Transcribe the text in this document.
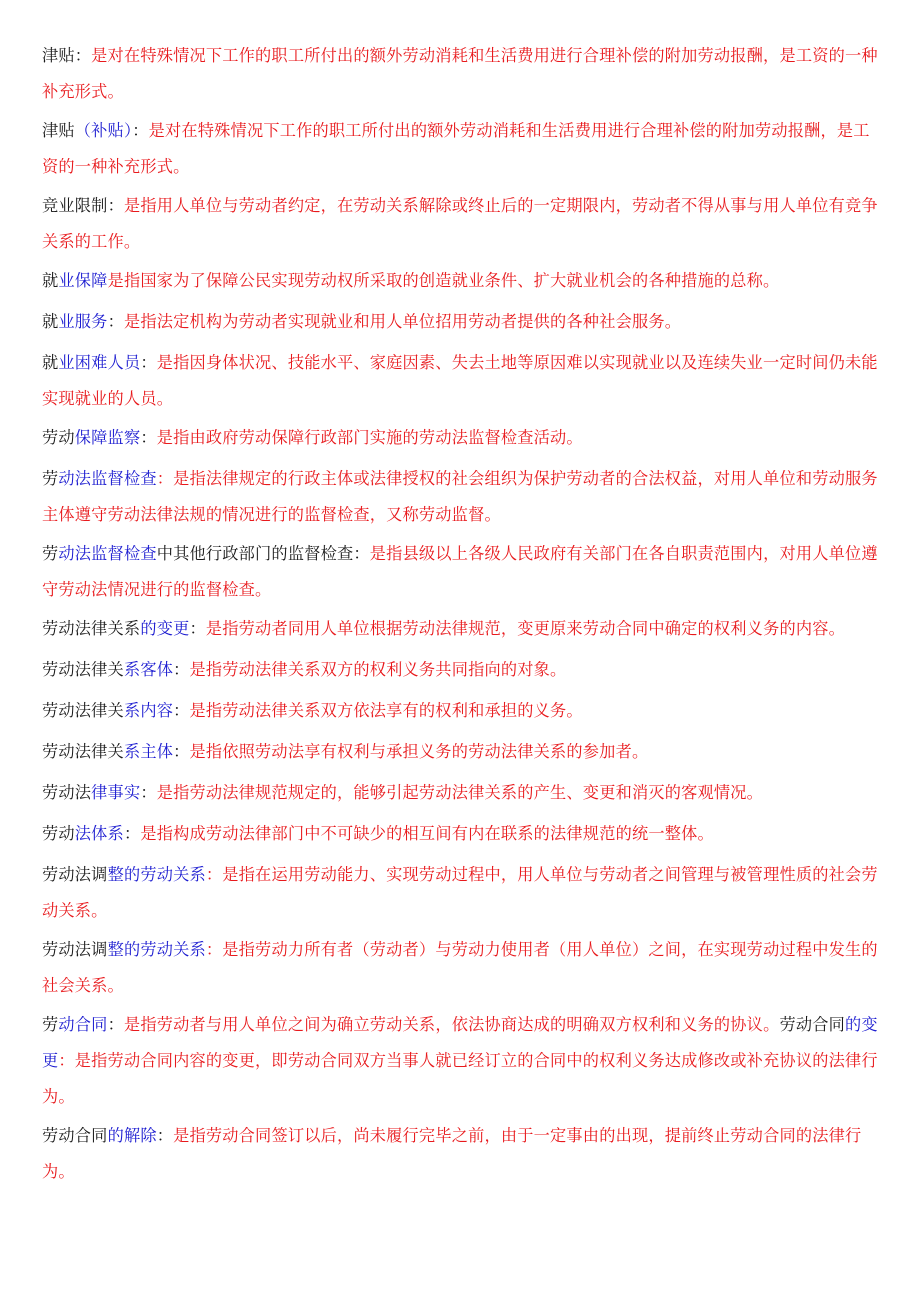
津贴：是对在特殊情况下工作的职工所付出的额外劳动消耗和生活费用进行合理补偿的附加劳动报酬，是工资的一种补充形式。

津贴（补贴）：是对在特殊情况下工作的职工所付出的额外劳动消耗和生活费用进行合理补偿的附加劳动报酬，是工资的一种补充形式。

竞业限制：是指用人单位与劳动者约定，在劳动关系解除或终止后的一定期限内，劳动者不得从事与用人单位有竞争关系的工作。

就业保障是指国家为了保障公民实现劳动权所采取的创造就业条件、扩大就业机会的各种措施的总称。

就业服务：是指法定机构为劳动者实现就业和用人单位招用劳动者提供的各种社会服务。

就业困难人员：是指因身体状况、技能水平、家庭因素、失去土地等原因难以实现就业以及连续失业一定时间仍未能实现就业的人员。

劳动保障监察：是指由政府劳动保障行政部门实施的劳动法监督检查活动。

劳动法监督检查：是指法律规定的行政主体或法律授权的社会组织为保护劳动者的合法权益，对用人单位和劳动服务主体遵守劳动法律法规的情况进行的监督检查，又称劳动监督。

劳动法监督检查中其他行政部门的监督检查：是指县级以上各级人民政府有关部门在各自职责范围内，对用人单位遵守劳动法情况进行的监督检查。

劳动法律关系的变更：是指劳动者同用人单位根据劳动法律规范，变更原来劳动合同中确定的权利义务的内容。

劳动法律关系客体：是指劳动法律关系双方的权利义务共同指向的对象。

劳动法律关系内容：是指劳动法律关系双方依法享有的权利和承担的义务。

劳动法律关系主体：是指依照劳动法享有权利与承担义务的劳动法律关系的参加者。

劳动法律事实：是指劳动法律规范规定的，能够引起劳动法律关系的产生、变更和消灭的客观情况。

劳动法体系：是指构成劳动法律部门中不可缺少的相互间有内在联系的法律规范的统一整体。

劳动法调整的劳动关系：是指在运用劳动能力、实现劳动过程中，用人单位与劳动者之间管理与被管理性质的社会劳动关系。

劳动法调整的劳动关系：是指劳动力所有者（劳动者）与劳动力使用者（用人单位）之间，在实现劳动过程中发生的社会关系。

劳动合同：是指劳动者与用人单位之间为确立劳动关系，依法协商达成的明确双方权利和义务的协议。劳动合同的变更：是指劳动合同内容的变更，即劳动合同双方当事人就已经订立的合同中的权利义务达成修改或补充协议的法律行为。

劳动合同的解除：是指劳动合同签订以后，尚未履行完毕之前，由于一定事由的出现，提前终止劳动合同的法律行为。
